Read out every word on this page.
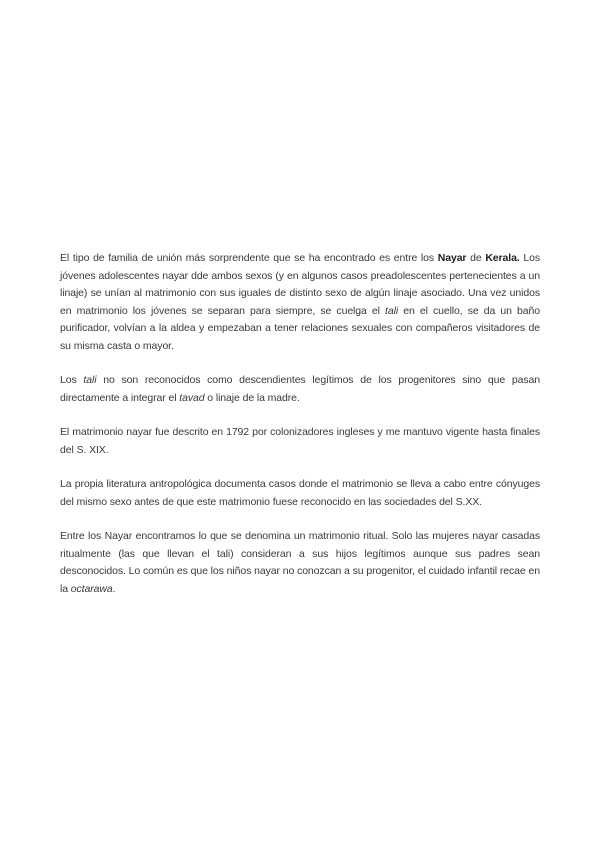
El tipo de familia de unión más sorprendente que se ha encontrado es entre los Nayar de Kerala. Los jóvenes adolescentes nayar dde ambos sexos (y en algunos casos preadolescentes pertenecientes a un linaje) se unían al matrimonio con sus iguales de distinto sexo de algún linaje asociado. Una vez unidos en matrimonio los jóvenes se separan para siempre, se cuelga el tali en el cuello, se da un baño purificador, volvían a la aldea y empezaban a tener relaciones sexuales con compañeros visitadores de su misma casta o mayor.

Los tali no son reconocidos como descendientes legítimos de los progenitores sino que pasan directamente a integrar el tavad o linaje de la madre.

El matrimonio nayar fue descrito en 1792 por colonizadores ingleses y me mantuvo vigente hasta finales del S. XIX.

La propia literatura antropológica documenta casos donde el matrimonio se lleva a cabo entre cónyuges del mismo sexo antes de que este matrimonio fuese reconocido en las sociedades del S.XX.

Entre los Nayar encontramos lo que se denomina un matrimonio ritual. Solo las mujeres nayar casadas ritualmente (las que llevan el tali) consideran a sus hijos legítimos aunque sus padres sean desconocidos. Lo común es que los niños nayar no conozcan a su progenitor, el cuidado infantil recae en la octarawa.
